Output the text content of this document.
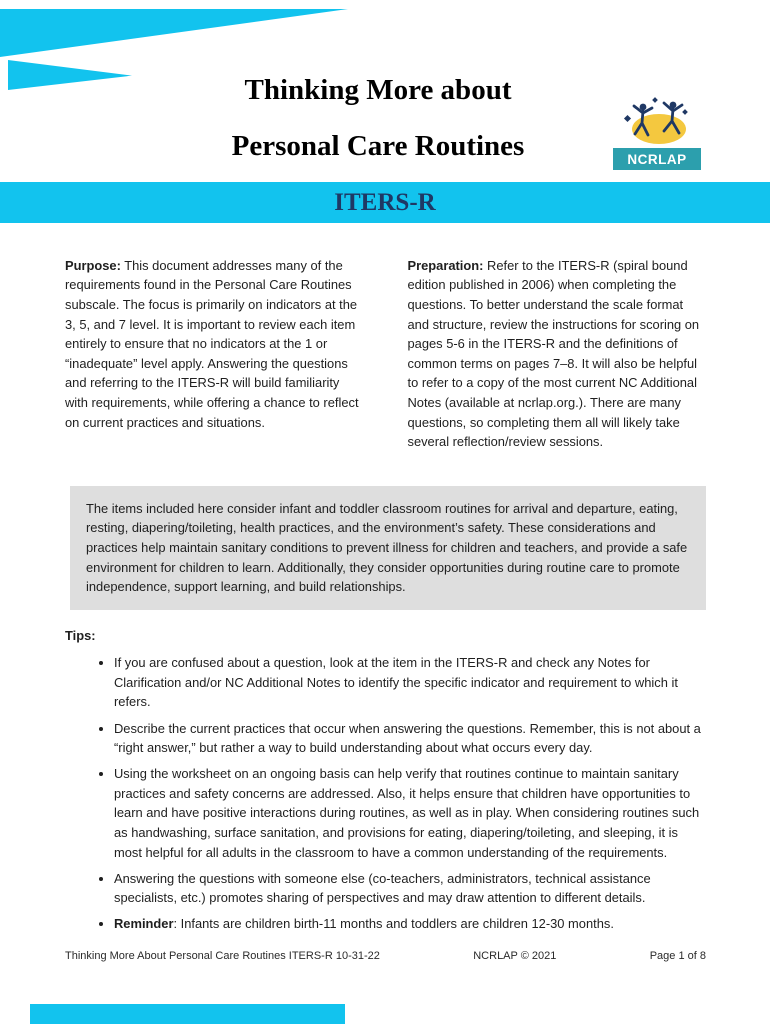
Thinking More about
Personal Care Routines	NCRLAP
ITERS-R

Purpose: This document addresses many of the requirements found in the Personal Care Routines subscale. The focus is primarily on indicators at the 3, 5, and 7 level. It is important to review each item entirely to ensure that no indicators at the 1 or “inadequate” level apply. Answering the questions and referring to the ITERS-R will build familiarity with requirements, while offering a chance to reflect on current practices and situations.

Preparation: Refer to the ITERS-R (spiral bound edition published in 2006) when completing the questions. To better understand the scale format and structure, review the instructions for scoring on pages 5-6 in the ITERS-R and the definitions of common terms on pages 7–8. It will also be helpful to refer to a copy of the most current NC Additional Notes (available at ncrlap.org.). There are many questions, so completing them all will likely take several reflection/review sessions.

The items included here consider infant and toddler classroom routines for arrival and departure, eating, resting, diapering/toileting, health practices, and the environment’s safety. These considerations and practices help maintain sanitary conditions to prevent illness for children and teachers, and provide a safe environment for children to learn. Additionally, they consider opportunities during routine care to promote independence, support learning, and build relationships.
Tips:
• If you are confused about a question, look at the item in the ITERS-R and check any Notes for Clarification and/or NC Additional Notes to identify the specific indicator and requirement to which it refers.
• Describe the current practices that occur when answering the questions. Remember, this is not about a “right answer,” but rather a way to build understanding about what occurs every day.
• Using the worksheet on an ongoing basis can help verify that routines continue to maintain sanitary practices and safety concerns are addressed. Also, it helps ensure that children have opportunities to learn and have positive interactions during routines, as well as in play. When considering routines such as handwashing, surface sanitation, and provisions for eating, diapering/toileting, and sleeping, it is most helpful for all adults in the classroom to have a common understanding of the requirements.
• Answering the questions with someone else (co-teachers, administrators, technical assistance specialists, etc.) promotes sharing of perspectives and may draw attention to different details.
• Reminder: Infants are children birth-11 months and toddlers are children 12-30 months.
Thinking More About Personal Care Routines ITERS-R 10-31-22	NCRLAP © 2021	Page 1 of 8
